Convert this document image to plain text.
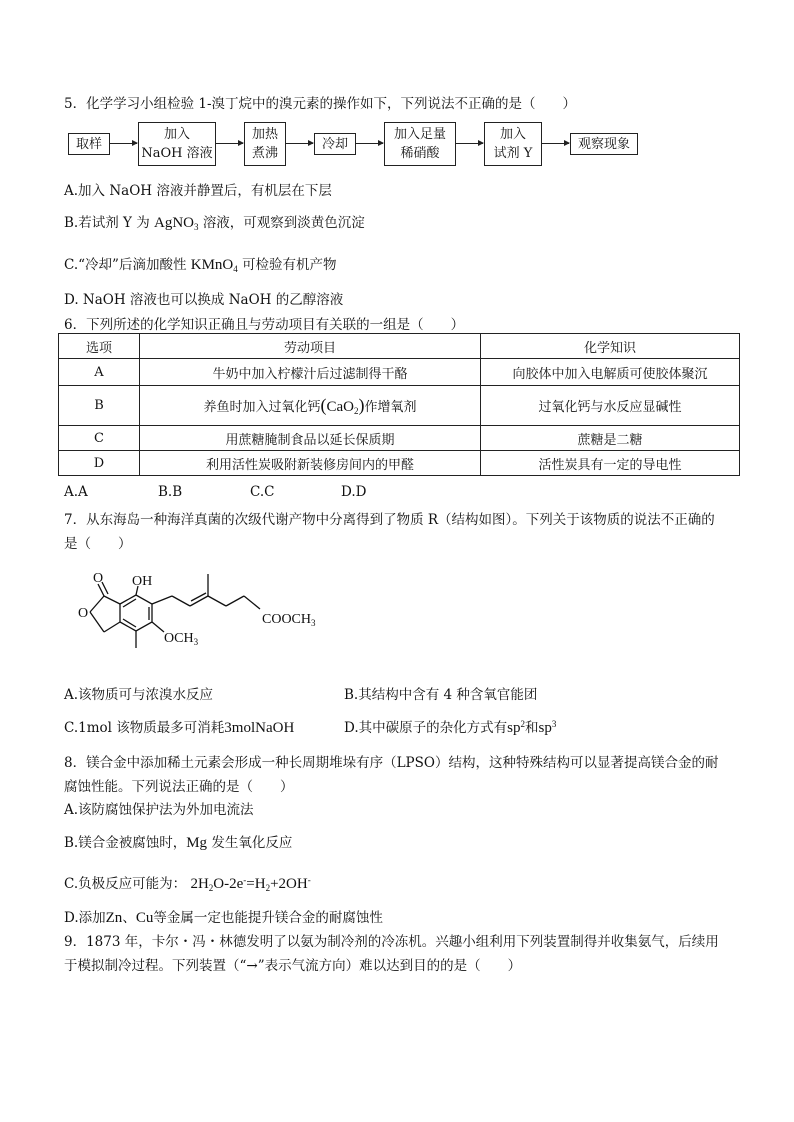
5．化学学习小组检验 1-溴丁烷中的溴元素的操作如下，下列说法不正确的是（　　）
取样
加入
NaOH 溶液
加热
煮沸
冷却
加入足量
稀硝酸
加入
试剂 Y
观察现象
A.加入 NaOH 溶液并静置后，有机层在下层
B.若试剂 Y 为 AgNO$_3$ 溶液，可观察到淡黄色沉淀
C.“冷却”后滴加酸性 KMnO$_4$ 可检验有机产物
D. NaOH 溶液也可以换成 NaOH 的乙醇溶液
6．下列所述的化学知识正确且与劳动项目有关联的一组是（　　）
选项	劳动项目	化学知识
A	牛奶中加入柠檬汁后过滤制得干酪	向胶体中加入电解质可使胶体聚沉
B	养鱼时加入过氧化钙(CaO$_2$)作增氧剂	过氧化钙与水反应显碱性
C	用蔗糖腌制食品以延长保质期	蔗糖是二糖
D	利用活性炭吸附新装修房间内的甲醛	活性炭具有一定的导电性
A.A	B.B	C.C	D.D
7．从东海岛一种海洋真菌的次级代谢产物中分离得到了物质 R（结构如图）。下列关于该物质的说法不正确的
是（　　）
O OH
O	$COOCH_3$
$OCH_3$
A.该物质可与浓溴水反应	B.其结构中含有 4 种含氧官能团
C.1mol 该物质最多可消耗3molNaOH	D.其中碳原子的杂化方式有$sp^2$和$sp^3$
8．镁合金中添加稀土元素会形成一种长周期堆垛有序（LPSO）结构，这种特殊结构可以显著提高镁合金的耐
腐蚀性能。下列说法正确的是（　　）
A.该防腐蚀保护法为外加电流法
B.镁合金被腐蚀时，Mg 发生氧化反应
C.负极反应可能为： $2H_2O-2e^-=H_2+2OH^-$
D.添加Zn、Cu等金属一定也能提升镁合金的耐腐蚀性
9．1873 年，卡尔・冯・林德发明了以氨为制冷剂的冷冻机。兴趣小组利用下列装置制得并收集氨气，后续用
于模拟制冷过程。下列装置（“→”表示气流方向）难以达到目的的是（　　）
